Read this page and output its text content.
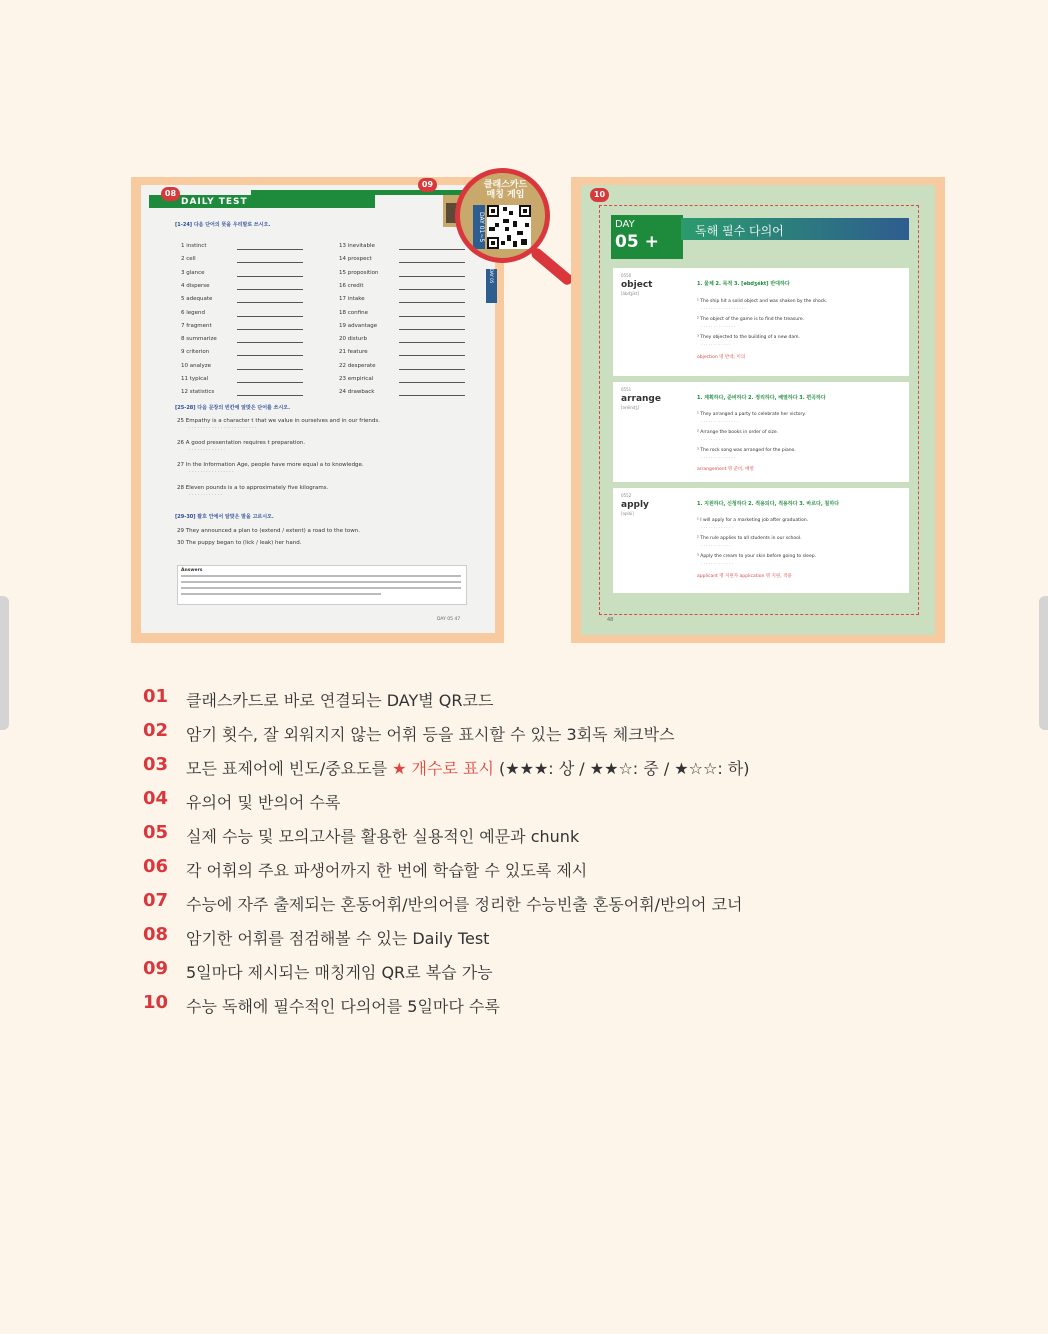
DAILY TEST
[1-24] 다음 단어의 뜻을 우리말로 쓰시오.
1 instinct
2 cell
3 glance
4 disperse
5 adequate
6 legend
7 fragment
8 summarize
9 criterion
10 analyze
11 typical
12 statistics
13 inevitable
14 prospect
15 proposition
16 credit
17 intake
18 confine
19 advantage
20 disturb
21 feature
22 desperate
23 empirical
24 drawback
[25-28] 다음 문장의 빈칸에 알맞은 단어를 쓰시오.
25 Empathy is a character t that we value in ourselves and in our friends.
· · · · · · · · · · · · · · · · · · · · · · · ·
26 A good presentation requires t preparation.
· · · · · · · · · · · · ·
27 In the Information Age, people have more equal a to knowledge.
· · · · · · · · · · · · · · · ·
28 Eleven pounds is a to approximately five kilograms.
· · · · · · · · · · · ·
[29-30] 괄호 안에서 알맞은 말을 고르시오.
29 They announced a plan to (extend / extent) a road to the town.
30 The puppy began to (lick / leak) her hand.
Answers
DAY 05 47
DAY 05
08
09	클래스카드
매칭 게임
DAY 01~5	DAY
05 +
독해 필수 다의어
0550
object
[ábdʒikt]
1. 물체 2. 목적 3. [əbdʒékt] 반대하다
¹ The ship hit a solid object and was shaken by the shock.
· · · · · · · · · · · · · · · · · ·
² The object of the game is to find the treasure.
· · · · · · · · · · · · · ·
³ They objected to the building of a new dam.
· · · · · · · · · · · ·
objection 명 반대, 이의
0551
arrange
[əréindʒ]
1. 계획하다, 준비하다 2. 정리하다, 배열하다 3. 편곡하다
¹ They arranged a party to celebrate her victory.
· · · · · · · · · · · · · · ·
² Arrange the books in order of size.
· · · · · · · · · ·
³ The rock song was arranged for the piano.
· · · · · · · · · · · · · ·
arrangement 명 준비, 배열
0552
apply
[əplái]
1. 지원하다, 신청하다 2. 적용되다, 적용하다 3. 바르다, 칠하다
¹ I will apply for a marketing job after graduation.
· · · · · · · · · · · · ·
² The rule applies to all students in our school.
· · · · · · · · · · · ·
³ Apply the cream to your skin before going to sleep.
· · · · · · · · · · · · ·
applicant 명 지원자 application 명 지원, 적용
48
10
01 클래스카드로 바로 연결되는 DAY별 QR코드
02 암기 횟수, 잘 외워지지 않는 어휘 등을 표시할 수 있는 3회독 체크박스
03 모든 표제어에 빈도/중요도를 ★ 개수로 표시 (★★★: 상 / ★★☆: 중 / ★☆☆: 하)
04 유의어 및 반의어 수록
05 실제 수능 및 모의고사를 활용한 실용적인 예문과 chunk
06 각 어휘의 주요 파생어까지 한 번에 학습할 수 있도록 제시
07 수능에 자주 출제되는 혼동어휘/반의어를 정리한 수능빈출 혼동어휘/반의어 코너
08 암기한 어휘를 점검해볼 수 있는 Daily Test
09 5일마다 제시되는 매칭게임 QR로 복습 가능
10 수능 독해에 필수적인 다의어를 5일마다 수록
